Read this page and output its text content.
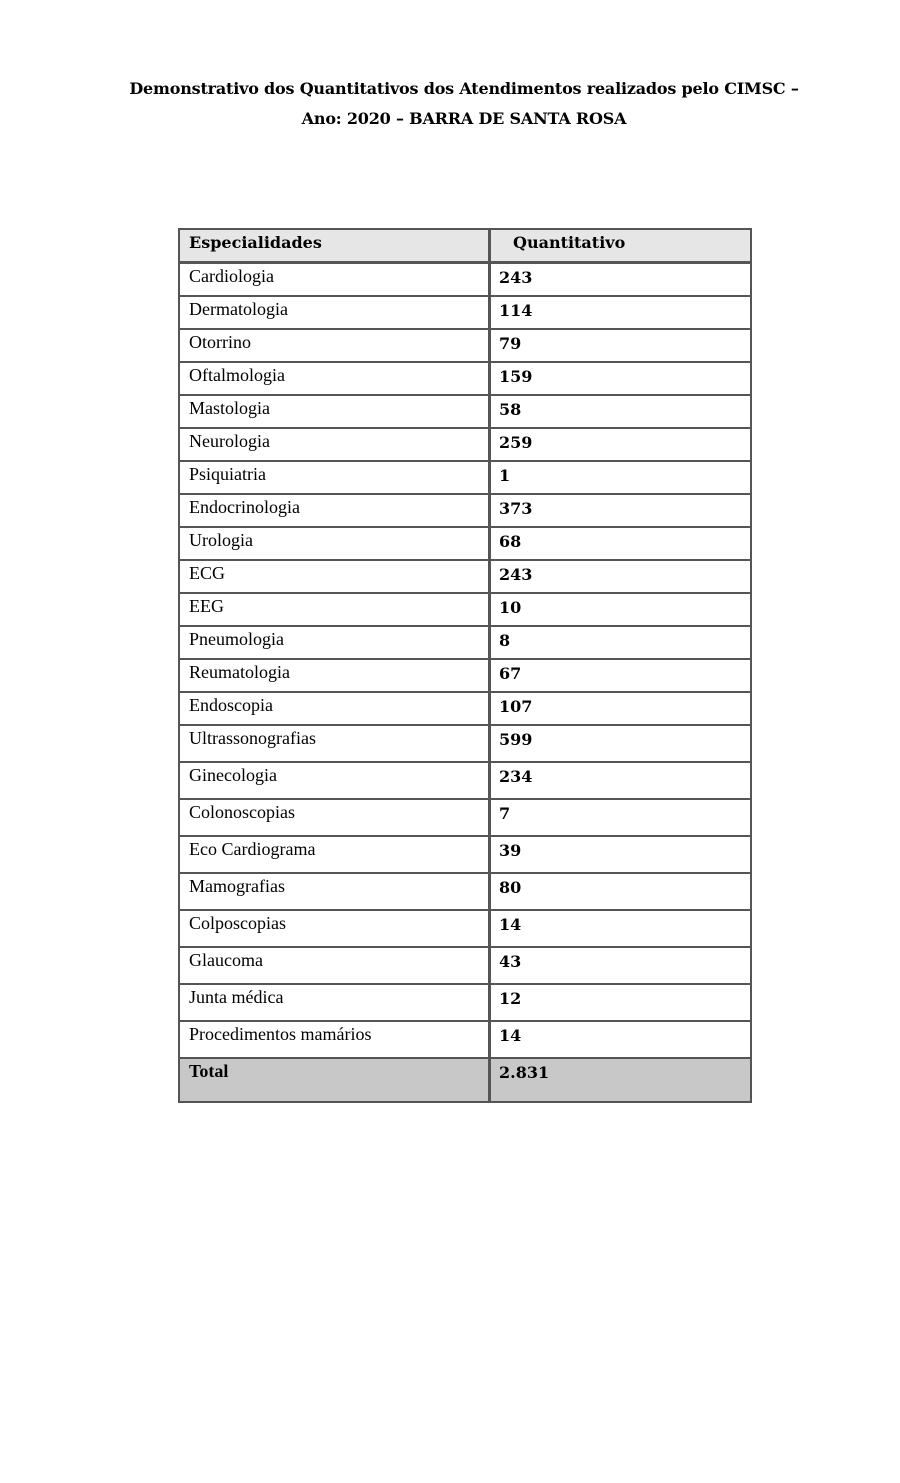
Demonstrativo dos Quantitativos dos Atendimentos realizados pelo CIMSC –
Ano: 2020 – BARRA DE SANTA ROSA
Especialidades	Quantitativo
Cardiologia	243
Dermatologia	114
Otorrino	79
Oftalmologia	159
Mastologia	58
Neurologia	259
Psiquiatria	1
Endocrinologia	373
Urologia	68
ECG	243
EEG	10
Pneumologia	8
Reumatologia	67
Endoscopia	107
Ultrassonografias	599
Ginecologia	234
Colonoscopias	7
Eco Cardiograma	39
Mamografias	80
Colposcopias	14
Glaucoma	43
Junta médica	12
Procedimentos mamários	14
Total	2.831
